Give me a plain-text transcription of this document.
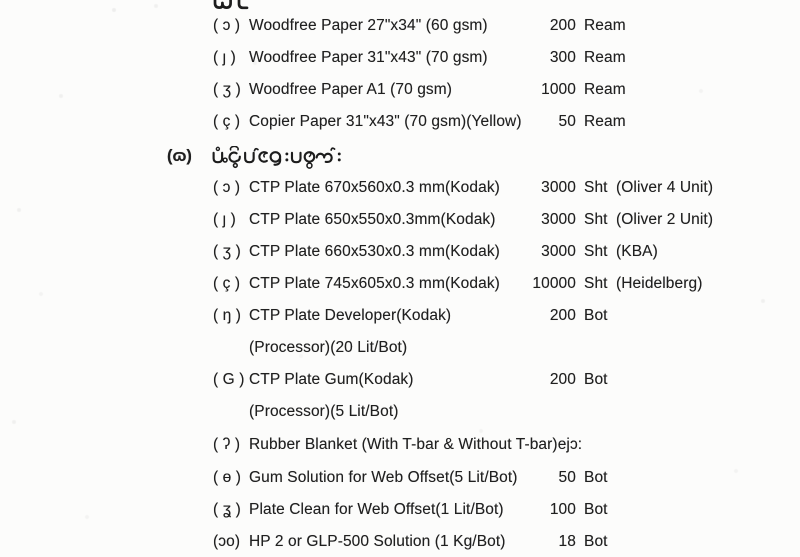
( ɔ ) Woodfree Paper 27"x34" (60 gsm)	200 Ream
( ȷ ) Woodfree Paper 31"x43" (70 gsm)	300 Ream
( ʒ ) Woodfree Paper A1 (70 gsm)	1000 Ream
( ç ) Copier Paper 31"x43" (70 gsm)(Yellow)	50 Ream
(ɷ)
( ɔ ) CTP Plate 670x560x0.3 mm(Kodak)	3000 Sht (Oliver 4 Unit)
( ȷ ) CTP Plate 650x550x0.3mm(Kodak)	3000 Sht (Oliver 2 Unit)
( ʒ ) CTP Plate 660x530x0.3 mm(Kodak)	3000 Sht (KBA)
( ç ) CTP Plate 745x605x0.3 mm(Kodak)	10000 Sht (Heidelberg)
( ŋ ) CTP Plate Developer(Kodak)	200 Bot
(Processor)(20 Lit/Bot)
( G ) CTP Plate Gum(Kodak)	200 Bot
(Processor)(5 Lit/Bot)
( ʔ ) Rubber Blanket (With T-bar & Without T-bar)ejɔ:
( ө ) Gum Solution for Web Offset(5 Lit/Bot)	50 Bot
( ʓ ) Plate Clean for Web Offset(1 Lit/Bot)	100 Bot
(ɔo) HP 2 or GLP-500 Solution (1 Kg/Bot)	18 Bot
